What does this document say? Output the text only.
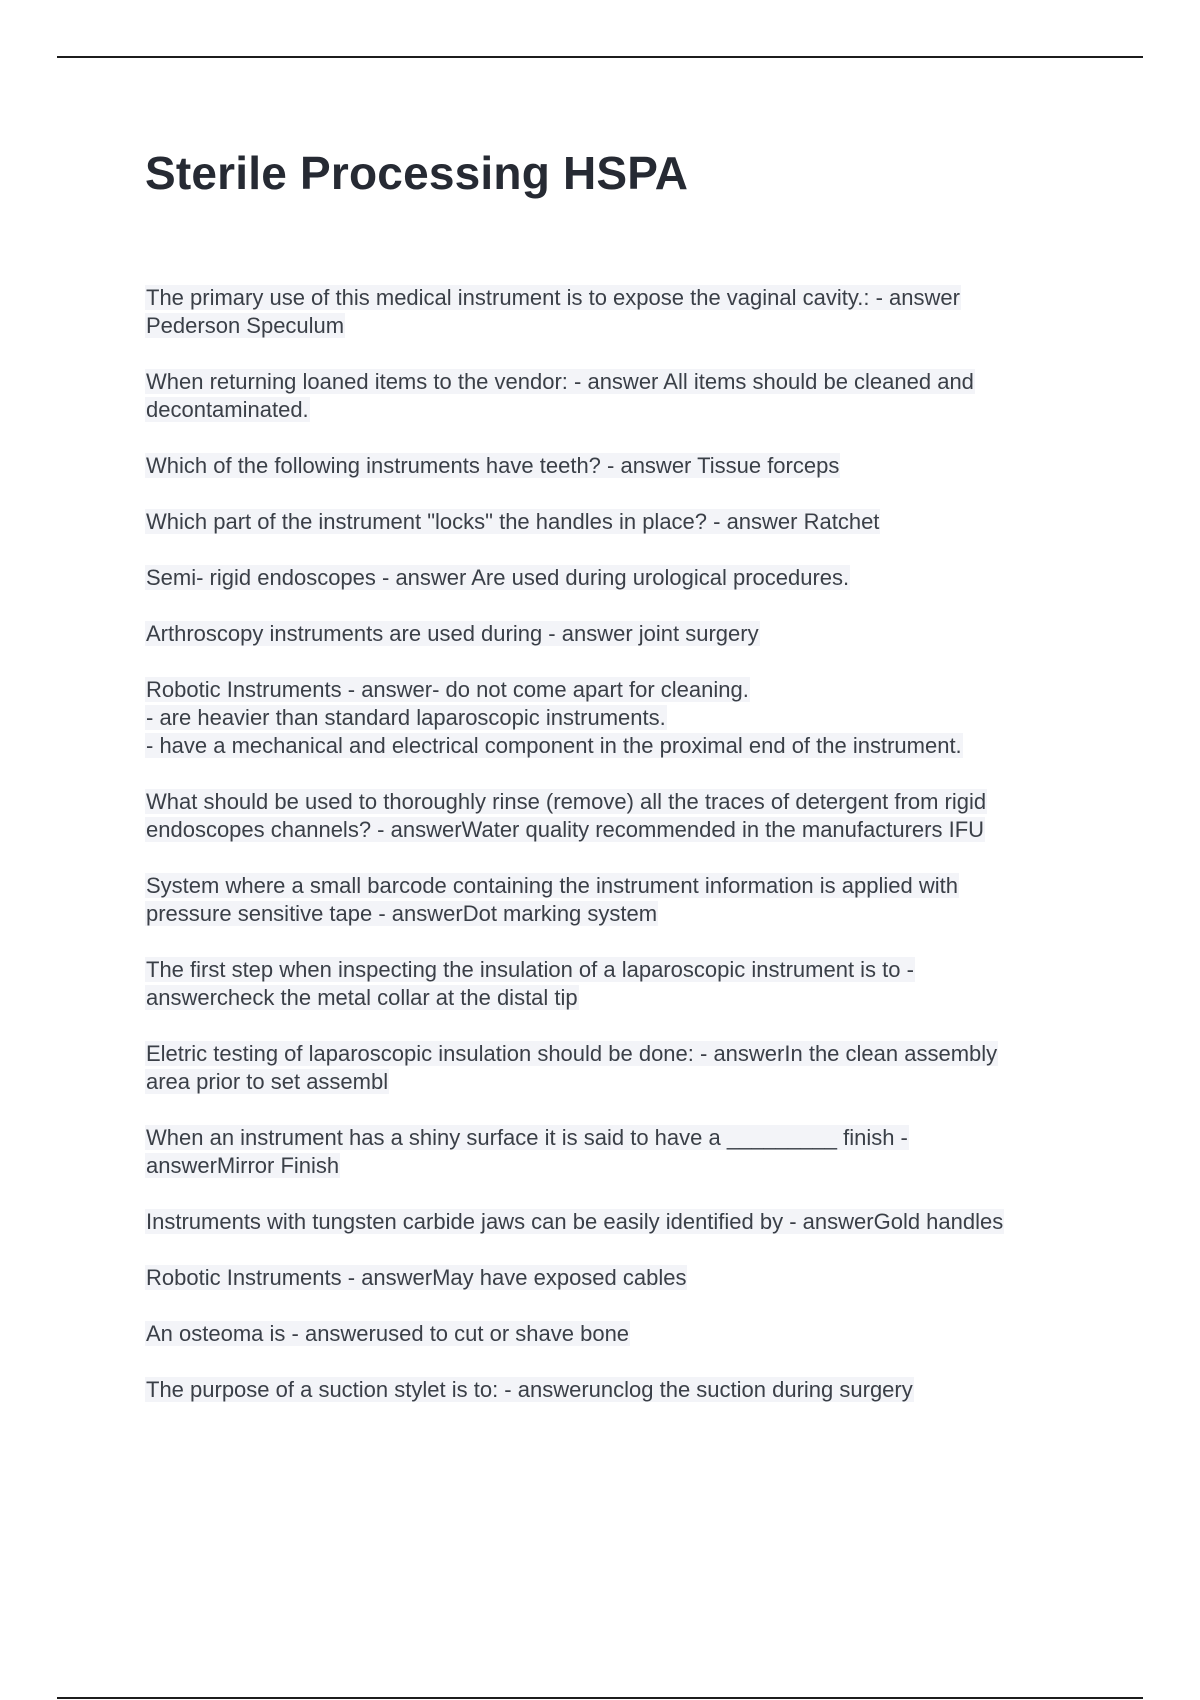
Sterile Processing HSPA
The primary use of this medical instrument is to expose the vaginal cavity.: - answer
Pederson Speculum
When returning loaned items to the vendor: - answer All items should be cleaned and
decontaminated.
Which of the following instruments have teeth? - answer Tissue forceps
Which part of the instrument "locks" the handles in place? - answer Ratchet
Semi- rigid endoscopes - answer Are used during urological procedures.
Arthroscopy instruments are used during - answer joint surgery
Robotic Instruments - answer- do not come apart for cleaning.
- are heavier than standard laparoscopic instruments.
- have a mechanical and electrical component in the proximal end of the instrument.
What should be used to thoroughly rinse (remove) all the traces of detergent from rigid
endoscopes channels? - answerWater quality recommended in the manufacturers IFU
System where a small barcode containing the instrument information is applied with
pressure sensitive tape - answerDot marking system
The first step when inspecting the insulation of a laparoscopic instrument is to -
answercheck the metal collar at the distal tip
Eletric testing of laparoscopic insulation should be done: - answerIn the clean assembly
area prior to set assembl
When an instrument has a shiny surface it is said to have a _________ finish -
answerMirror Finish
Instruments with tungsten carbide jaws can be easily identified by - answerGold handles
Robotic Instruments - answerMay have exposed cables
An osteoma is - answerused to cut or shave bone
The purpose of a suction stylet is to: - answerunclog the suction during surgery
